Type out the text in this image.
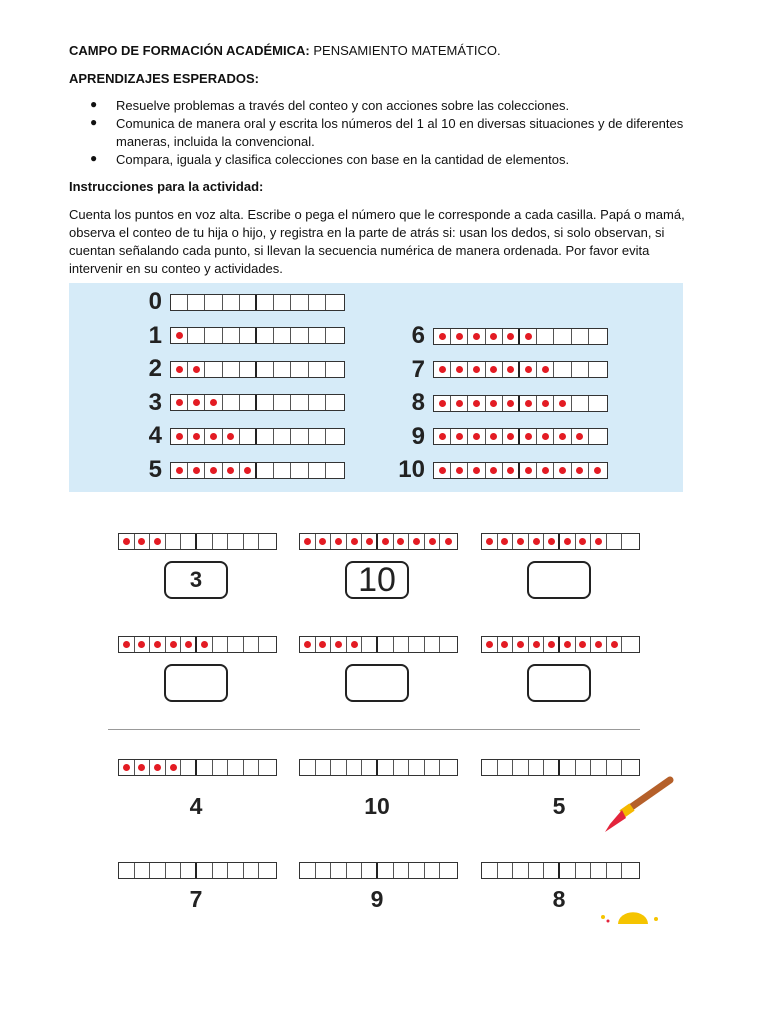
CAMPO DE FORMACIÓN ACADÉMICA: PENSAMIENTO MATEMÁTICO.
APRENDIZAJES ESPERADOS:
● Resuelve problemas a través del conteo y con acciones sobre las colecciones.
● Comunica de manera oral y escrita los números del 1 al 10 en diversas situaciones y de diferentes
maneras, incluida la convencional.
● Compara, iguala y clasifica colecciones con base en la cantidad de elementos.
Instrucciones para la actividad:
Cuenta los puntos en voz alta. Escribe o pega el número que le corresponde a cada casilla. Papá o mamá,
observa el conteo de tu hija o hijo, y registra en la parte de atrás si: usan los dedos, si solo observan, si
cuentan señalando cada punto, si llevan la secuencia numérica de manera ordenada. Por favor evita
intervenir en su conteo y actividades.
0
1
2
3
4
5
6
7
8
9
10
3	10
4	10	5
7	9	8
